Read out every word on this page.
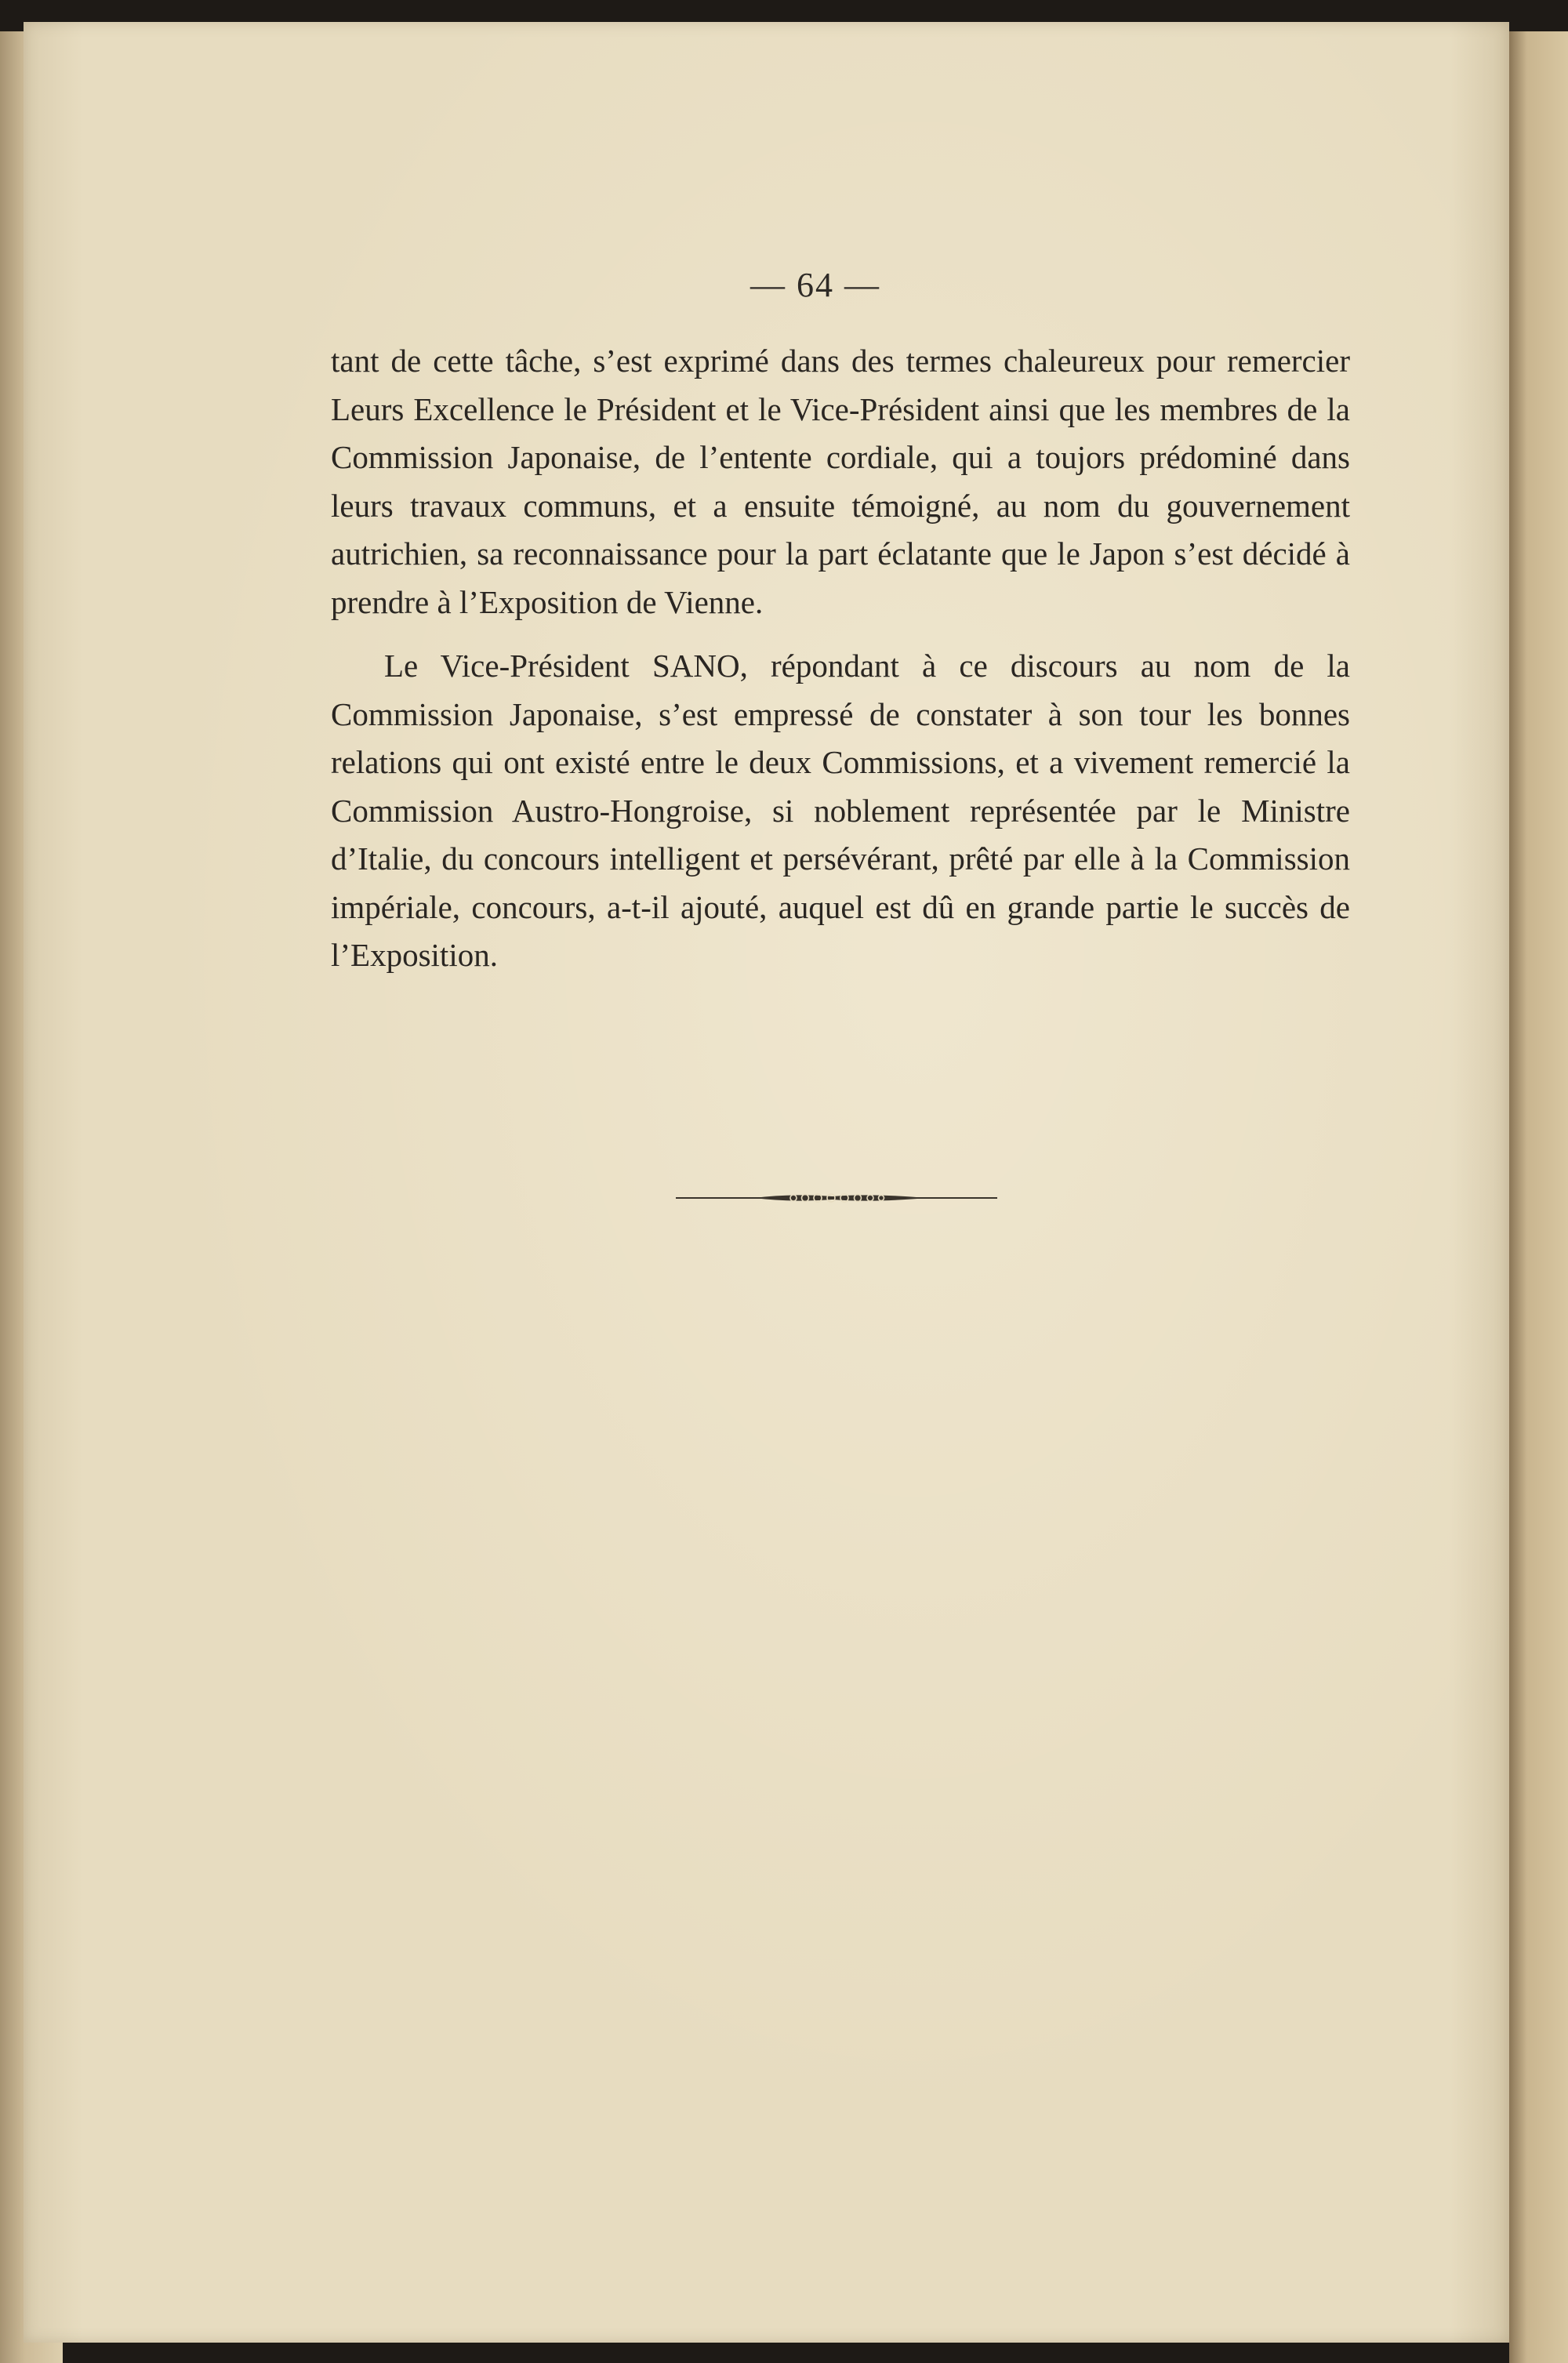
— 64 —

tant de cette tâche, s’est exprimé dans des termes chaleureux pour remercier Leurs Excellence le Président et le Vice-Président ainsi que les membres de la Commission Japonaise, de l’entente cordiale, qui a toujors prédominé dans leurs travaux communs, et a ensuite témoigné, au nom du gouvernement autrichien, sa reconnaissance pour la part éclatante que le Japon s’est décidé à prendre à l’Exposition de Vienne.

Le Vice-Président SANO, répondant à ce discours au nom de la Commission Japonaise, s’est empressé de constater à son tour les bonnes relations qui ont existé entre le deux Commissions, et a vivement remercié la Commission Austro-Hongroise, si noblement représentée par le Ministre d’Italie, du concours intelligent et persévérant, prêté par elle à la Commission impériale, concours, a-t-il ajouté, auquel est dû en grande partie le succès de l’Exposition.
